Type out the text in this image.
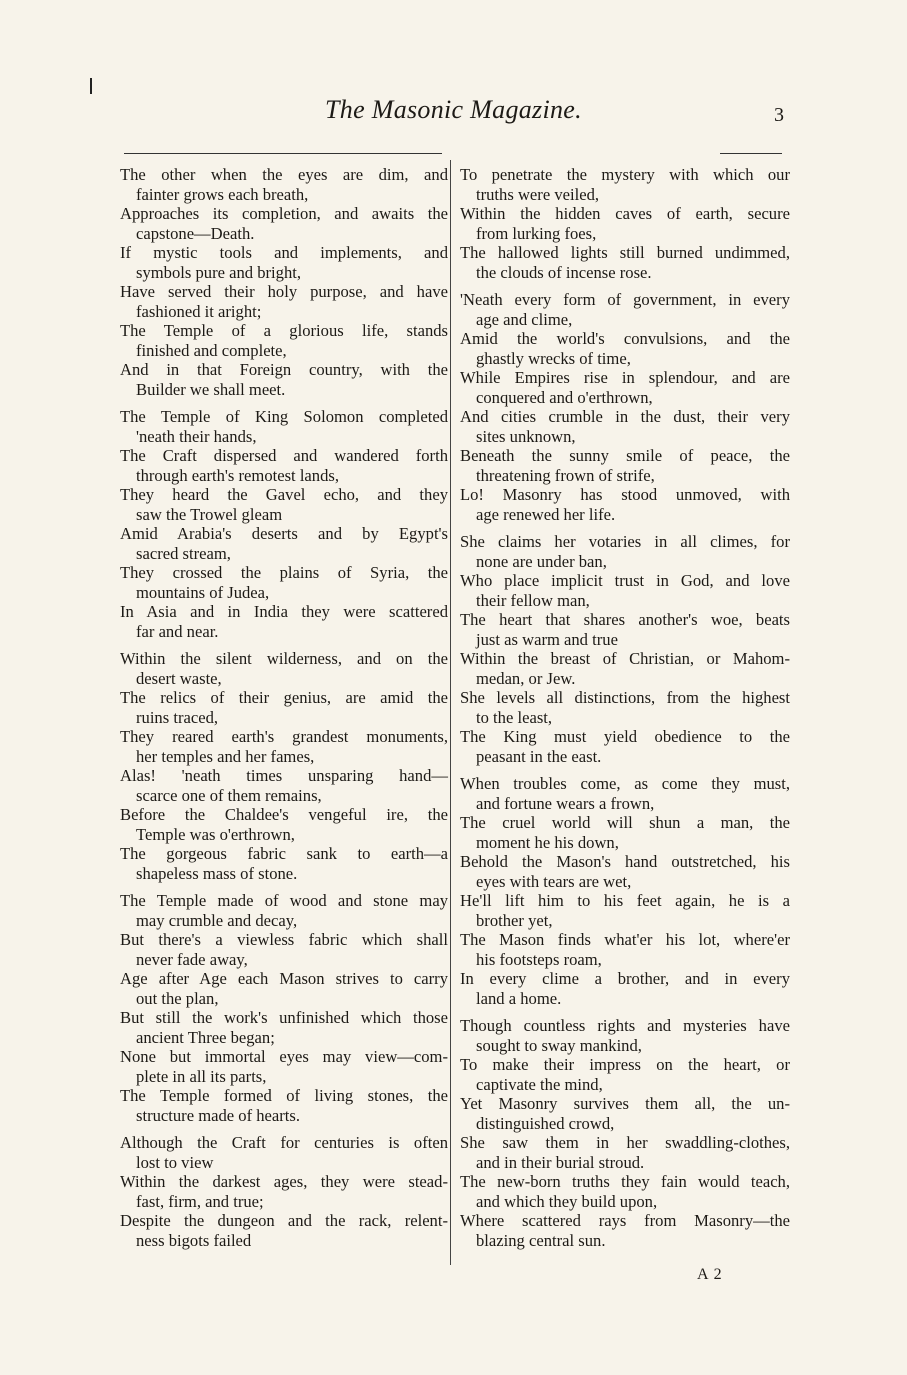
The Masonic Magazine.	3
The other when the eyes are dim, and
fainter grows each breath,
Approaches its completion, and awaits the
capstone—Death.
If mystic tools and implements, and
symbols pure and bright,
Have served their holy purpose, and have
fashioned it aright;
The Temple of a glorious life, stands
finished and complete,
And in that Foreign country, with the
Builder we shall meet.
The Temple of King Solomon completed
'neath their hands,
The Craft dispersed and wandered forth
through earth's remotest lands,
They heard the Gavel echo, and they
saw the Trowel gleam
Amid Arabia's deserts and by Egypt's
sacred stream,
They crossed the plains of Syria, the
mountains of Judea,
In Asia and in India they were scattered
far and near.
Within the silent wilderness, and on the
desert waste,
The relics of their genius, are amid the
ruins traced,
They reared earth's grandest monuments,
her temples and her fames,
Alas! 'neath times unsparing hand—
scarce one of them remains,
Before the Chaldee's vengeful ire, the
Temple was o'erthrown,
The gorgeous fabric sank to earth—a
shapeless mass of stone.
The Temple made of wood and stone may
may crumble and decay,
But there's a viewless fabric which shall
never fade away,
Age after Age each Mason strives to carry
out the plan,
But still the work's unfinished which those
ancient Three began;
None but immortal eyes may view—com-
plete in all its parts,
The Temple formed of living stones, the
structure made of hearts.
Although the Craft for centuries is often
lost to view
Within the darkest ages, they were stead-
fast, firm, and true;
Despite the dungeon and the rack, relent-
ness bigots failed
To penetrate the mystery with which our
truths were veiled,
Within the hidden caves of earth, secure
from lurking foes,
The hallowed lights still burned undimmed,
the clouds of incense rose.
'Neath every form of government, in every
age and clime,
Amid the world's convulsions, and the
ghastly wrecks of time,
While Empires rise in splendour, and are
conquered and o'erthrown,
And cities crumble in the dust, their very
sites unknown,
Beneath the sunny smile of peace, the
threatening frown of strife,
Lo! Masonry has stood unmoved, with
age renewed her life.
She claims her votaries in all climes, for
none are under ban,
Who place implicit trust in God, and love
their fellow man,
The heart that shares another's woe, beats
just as warm and true
Within the breast of Christian, or Mahom-
medan, or Jew.
She levels all distinctions, from the highest
to the least,
The King must yield obedience to the
peasant in the east.
When troubles come, as come they must,
and fortune wears a frown,
The cruel world will shun a man, the
moment he his down,
Behold the Mason's hand outstretched, his
eyes with tears are wet,
He'll lift him to his feet again, he is a
brother yet,
The Mason finds what'er his lot, where'er
his footsteps roam,
In every clime a brother, and in every
land a home.
Though countless rights and mysteries have
sought to sway mankind,
To make their impress on the heart, or
captivate the mind,
Yet Masonry survives them all, the un-
distinguished crowd,
She saw them in her swaddling-clothes,
and in their burial stroud.
The new-born truths they fain would teach,
and which they build upon,
Where scattered rays from Masonry—the
blazing central sun.
A 2
